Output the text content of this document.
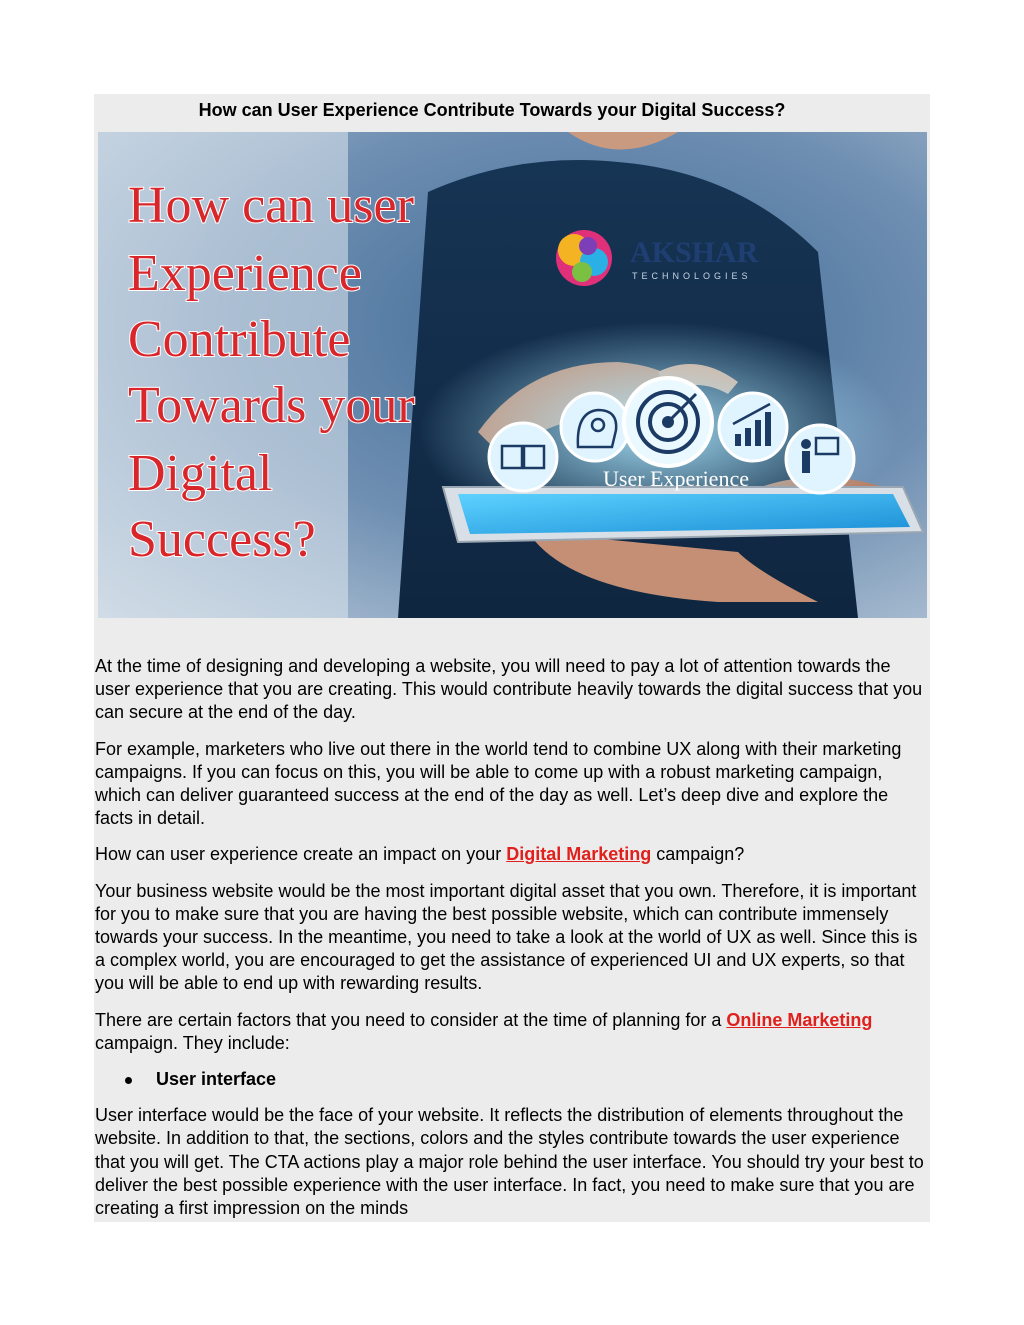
How can User Experience Contribute Towards your Digital Success?
User Experience
AKSHAR
TECHNOLOGIES
How can user
Experience
Contribute
Towards your
Digital
Success?

At the time of designing and developing a website, you will need to pay a lot of attention towards the user experience that you are creating. This would contribute heavily towards the digital success that you can secure at the end of the day.

For example, marketers who live out there in the world tend to combine UX along with their marketing campaigns. If you can focus on this, you will be able to come up with a robust marketing campaign, which can deliver guaranteed success at the end of the day as well. Let’s deep dive and explore the facts in detail.

How can user experience create an impact on your Digital Marketing campaign?

Your business website would be the most important digital asset that you own. Therefore, it is important for you to make sure that you are having the best possible website, which can contribute immensely towards your success. In the meantime, you need to take a look at the world of UX as well. Since this is a complex world, you are encouraged to get the assistance of experienced UI and UX experts, so that you will be able to end up with rewarding results.

There are certain factors that you need to consider at the time of planning for a Online Marketing campaign. They include:

User interface

User interface would be the face of your website. It reflects the distribution of elements throughout the website. In addition to that, the sections, colors and the styles contribute towards the user experience that you will get. The CTA actions play a major role behind the user interface. You should try your best to deliver the best possible experience with the user interface. In fact, you need to make sure that you are creating a first impression on the minds
